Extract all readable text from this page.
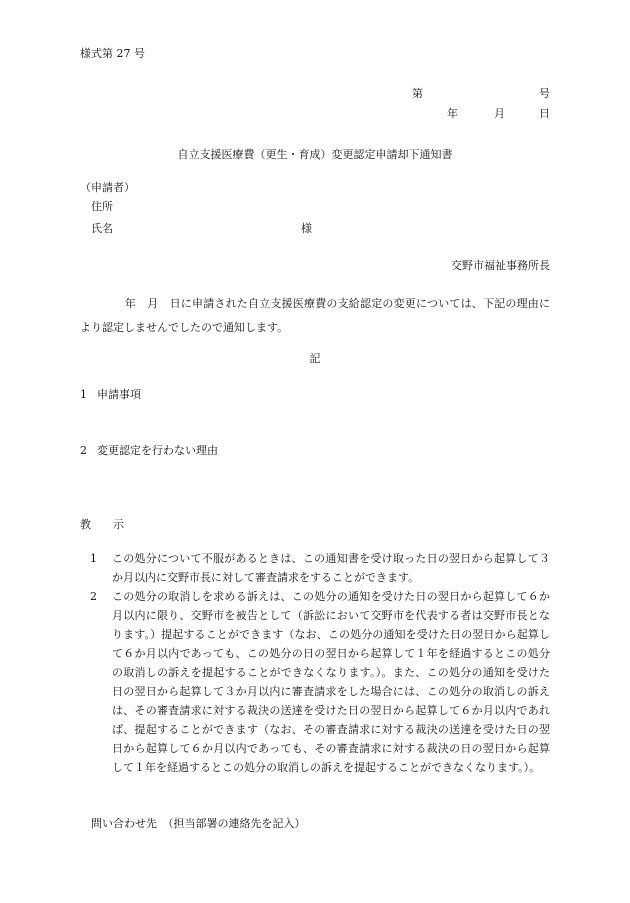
様式第 27 号
第	号
年	月	日
自立支援医療費（更生・育成）変更認定申請却下通知書
（申請者）
住所
氏名	様
交野市福祉事務所長
　　　　年　月　日に申請された自立支援医療費の支給認定の変更については、下記の理由により認定しませんでしたので通知します。
記
1 申請事項
2 変更認定を行わない理由
教　　示
1 この処分について不服があるときは、この通知書を受け取った日の翌日から起算して３か月以内に交野市長に対して審査請求をすることができます。
2 この処分の取消しを求める訴えは、この処分の通知を受けた日の翌日から起算して６か月以内に限り、交野市を被告として（訴訟において交野市を代表する者は交野市長となります。）提起することができます（なお、この処分の通知を受けた日の翌日から起算して６か月以内であっても、この処分の日の翌日から起算して１年を経過するとこの処分の取消しの訴えを提起することができなくなります。）。また、この処分の通知を受けた日の翌日から起算して３か月以内に審査請求をした場合には、この処分の取消しの訴えは、その審査請求に対する裁決の送達を受けた日の翌日から起算して６か月以内であれば、提起することができます（なお、その審査請求に対する裁決の送達を受けた日の翌日から起算して６か月以内であっても、その審査請求に対する裁決の日の翌日から起算して１年を経過するとこの処分の取消しの訴えを提起することができなくなります。）。
問い合わせ先　（担当部署の連絡先を記入）
